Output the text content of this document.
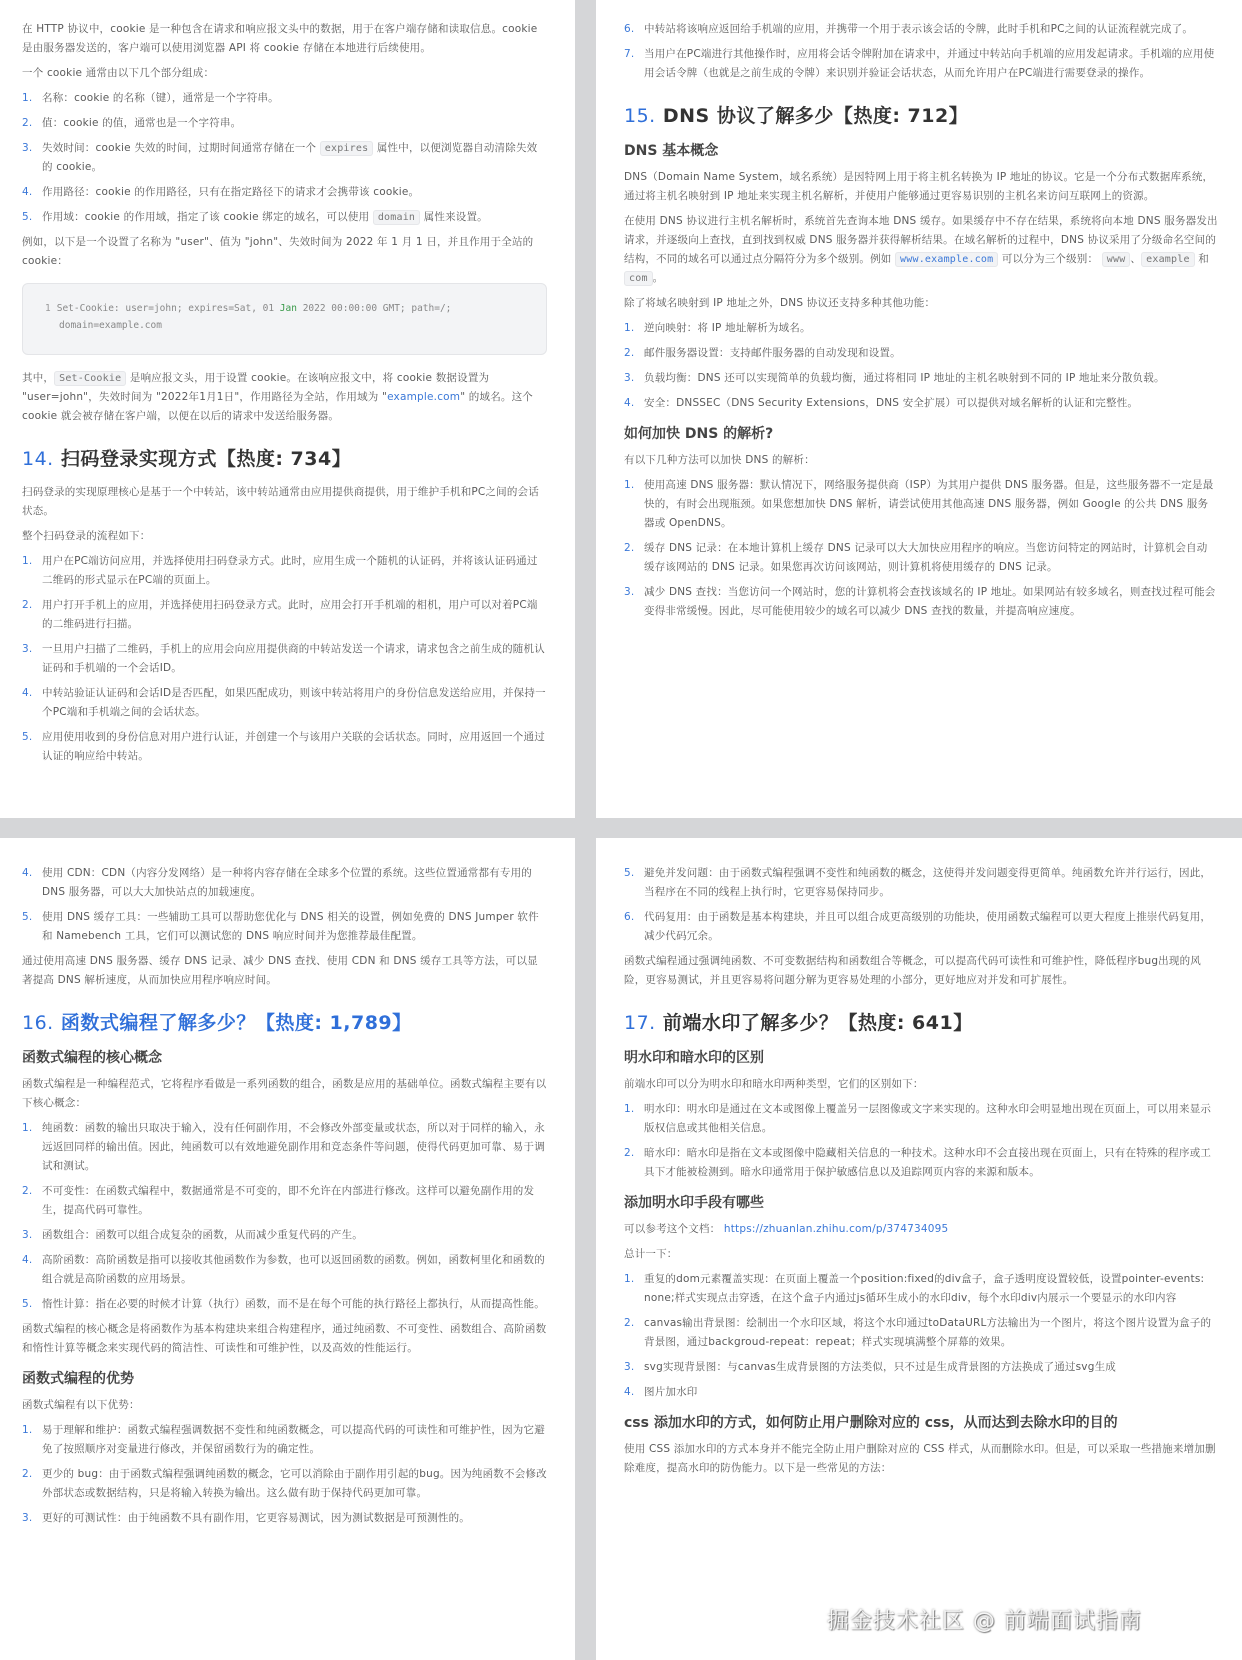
在 HTTP 协议中，cookie 是一种包含在请求和响应报文头中的数据，用于在客户端存储和读取信息。cookie 是由服务器发送的，客户端可以使用浏览器 API 将 cookie 存储在本地进行后续使用。

一个 cookie 通常由以下几个部分组成：

1. 名称：cookie 的名称（键），通常是一个字符串。
2. 值：cookie 的值，通常也是一个字符串。
3. 失效时间：cookie 失效的时间，过期时间通常存储在一个 expires 属性中，以便浏览器自动清除失效的 cookie。
4. 作用路径：cookie 的作用路径，只有在指定路径下的请求才会携带该 cookie。
5. 作用域：cookie 的作用域，指定了该 cookie 绑定的域名，可以使用 domain 属性来设置。

例如，以下是一个设置了名称为 "user"、值为 "john"、失效时间为 2022 年 1 月 1 日，并且作用于全站的 cookie：

1 Set-Cookie: user=john; expires=Sat, 01 Jan 2022 00:00:00 GMT; path=/;
domain=example.com

其中， Set-Cookie 是响应报文头，用于设置 cookie。在该响应报文中，将 cookie 数据设置为 "user=john"，失效时间为 "2022年1月1日"，作用路径为全站，作用域为 "example.com" 的域名。这个 cookie 就会被存储在客户端，以便在以后的请求中发送给服务器。

14. 扫码登录实现方式【热度: 734】

扫码登录的实现原理核心是基于一个中转站，该中转站通常由应用提供商提供，用于维护手机和PC之间的会话状态。

整个扫码登录的流程如下：

1. 用户在PC端访问应用，并选择使用扫码登录方式。此时，应用生成一个随机的认证码，并将该认证码通过二维码的形式显示在PC端的页面上。
2. 用户打开手机上的应用，并选择使用扫码登录方式。此时，应用会打开手机端的相机，用户可以对着PC端的二维码进行扫描。
3. 一旦用户扫描了二维码，手机上的应用会向应用提供商的中转站发送一个请求，请求包含之前生成的随机认证码和手机端的一个会话ID。
4. 中转站验证认证码和会话ID是否匹配，如果匹配成功，则该中转站将用户的身份信息发送给应用，并保持一个PC端和手机端之间的会话状态。
5. 应用使用收到的身份信息对用户进行认证，并创建一个与该用户关联的会话状态。同时，应用返回一个通过认证的响应给中转站。
6. 中转站将该响应返回给手机端的应用，并携带一个用于表示该会话的令牌，此时手机和PC之间的认证流程就完成了。
7. 当用户在PC端进行其他操作时，应用将会话令牌附加在请求中，并通过中转站向手机端的应用发起请求。手机端的应用使用会话令牌（也就是之前生成的令牌）来识别并验证会话状态，从而允许用户在PC端进行需要登录的操作。
15. DNS 协议了解多少【热度: 712】
DNS 基本概念

DNS（Domain Name System，域名系统）是因特网上用于将主机名转换为 IP 地址的协议。它是一个分布式数据库系统，通过将主机名映射到 IP 地址来实现主机名解析，并使用户能够通过更容易识别的主机名来访问互联网上的资源。

在使用 DNS 协议进行主机名解析时，系统首先查询本地 DNS 缓存。如果缓存中不存在结果，系统将向本地 DNS 服务器发出请求，并逐级向上查找，直到找到权威 DNS 服务器并获得解析结果。在域名解析的过程中，DNS 协议采用了分级命名空间的结构，不同的域名可以通过点分隔符分为多个级别。例如 www.example.com 可以分为三个级别： www 、 example 和 com 。

除了将域名映射到 IP 地址之外，DNS 协议还支持多种其他功能：

1. 逆向映射：将 IP 地址解析为域名。
2. 邮件服务器设置：支持邮件服务器的自动发现和设置。
3. 负载均衡：DNS 还可以实现简单的负载均衡，通过将相同 IP 地址的主机名映射到不同的 IP 地址来分散负载。
4. 安全：DNSSEC（DNS Security Extensions，DNS 安全扩展）可以提供对域名解析的认证和完整性。
如何加快 DNS 的解析?

有以下几种方法可以加快 DNS 的解析：

1. 使用高速 DNS 服务器：默认情况下，网络服务提供商（ISP）为其用户提供 DNS 服务器。但是，这些服务器不一定是最快的，有时会出现瓶颈。如果您想加快 DNS 解析，请尝试使用其他高速 DNS 服务器，例如 Google 的公共 DNS 服务器或 OpenDNS。
2. 缓存 DNS 记录：在本地计算机上缓存 DNS 记录可以大大加快应用程序的响应。当您访问特定的网站时，计算机会自动缓存该网站的 DNS 记录。如果您再次访问该网站，则计算机将使用缓存的 DNS 记录。
3. 减少 DNS 查找：当您访问一个网站时，您的计算机将会查找该域名的 IP 地址。如果网站有较多域名，则查找过程可能会变得非常缓慢。因此，尽可能使用较少的域名可以减少 DNS 查找的数量，并提高响应速度。
4. 使用 CDN：CDN（内容分发网络）是一种将内容存储在全球多个位置的系统。这些位置通常都有专用的 DNS 服务器，可以大大加快站点的加载速度。
5. 使用 DNS 缓存工具：一些辅助工具可以帮助您优化与 DNS 相关的设置，例如免费的 DNS Jumper 软件和 Namebench 工具，它们可以测试您的 DNS 响应时间并为您推荐最佳配置。

通过使用高速 DNS 服务器、缓存 DNS 记录、减少 DNS 查找、使用 CDN 和 DNS 缓存工具等方法，可以显著提高 DNS 解析速度，从而加快应用程序响应时间。

16. 函数式编程了解多少？【热度: 1,789】
函数式编程的核心概念

函数式编程是一种编程范式，它将程序看做是一系列函数的组合，函数是应用的基础单位。函数式编程主要有以下核心概念：

1. 纯函数：函数的输出只取决于输入，没有任何副作用，不会修改外部变量或状态，所以对于同样的输入，永远返回同样的输出值。因此，纯函数可以有效地避免副作用和竞态条件等问题，使得代码更加可靠、易于调试和测试。
2. 不可变性：在函数式编程中，数据通常是不可变的，即不允许在内部进行修改。这样可以避免副作用的发生，提高代码可靠性。
3. 函数组合：函数可以组合成复杂的函数，从而减少重复代码的产生。
4. 高阶函数：高阶函数是指可以接收其他函数作为参数，也可以返回函数的函数。例如，函数柯里化和函数的组合就是高阶函数的应用场景。
5. 惰性计算：指在必要的时候才计算（执行）函数，而不是在每个可能的执行路径上都执行，从而提高性能。

函数式编程的核心概念是将函数作为基本构建块来组合构建程序，通过纯函数、不可变性、函数组合、高阶函数和惰性计算等概念来实现代码的简洁性、可读性和可维护性，以及高效的性能运行。

函数式编程的优势

函数式编程有以下优势：

1. 易于理解和维护：函数式编程强调数据不变性和纯函数概念，可以提高代码的可读性和可维护性，因为它避免了按照顺序对变量进行修改，并保留函数行为的确定性。
2. 更少的 bug：由于函数式编程强调纯函数的概念，它可以消除由于副作用引起的bug。因为纯函数不会修改外部状态或数据结构，只是将输入转换为输出。这么做有助于保持代码更加可靠。
3. 更好的可测试性：由于纯函数不具有副作用，它更容易测试，因为测试数据是可预测性的。
5. 避免并发问题：由于函数式编程强调不变性和纯函数的概念，这使得并发问题变得更简单。纯函数允许并行运行，因此，当程序在不同的线程上执行时，它更容易保持同步。
6. 代码复用：由于函数是基本构建块，并且可以组合成更高级别的功能块，使用函数式编程可以更大程度上推崇代码复用，减少代码冗余。

函数式编程通过强调纯函数、不可变数据结构和函数组合等概念，可以提高代码可读性和可维护性，降低程序bug出现的风险，更容易测试，并且更容易将问题分解为更容易处理的小部分，更好地应对并发和可扩展性。

17. 前端水印了解多少？【热度: 641】
明水印和暗水印的区别

前端水印可以分为明水印和暗水印两种类型，它们的区别如下：

1. 明水印：明水印是通过在文本或图像上覆盖另一层图像或文字来实现的。这种水印会明显地出现在页面上，可以用来显示版权信息或其他相关信息。
2. 暗水印：暗水印是指在文本或图像中隐藏相关信息的一种技术。这种水印不会直接出现在页面上，只有在特殊的程序或工具下才能被检测到。暗水印通常用于保护敏感信息以及追踪网页内容的来源和版本。
添加明水印手段有哪些

可以参考这个文档： https://zhuanlan.zhihu.com/p/374734095

总计一下：

1. 重复的dom元素覆盖实现：在页面上覆盖一个position:fixed的div盒子，盒子透明度设置较低，设置pointer-events: none;样式实现点击穿透，在这个盒子内通过js循环生成小的水印div，每个水印div内展示一个要显示的水印内容
2. canvas输出背景图：绘制出一个水印区域，将这个水印通过toDataURL方法输出为一个图片，将这个图片设置为盒子的背景图，通过backgroud-repeat：repeat；样式实现填满整个屏幕的效果。
3. svg实现背景图：与canvas生成背景图的方法类似，只不过是生成背景图的方法换成了通过svg生成
4. 图片加水印
css 添加水印的方式，如何防止用户删除对应的 css，从而达到去除水印的目的

使用 CSS 添加水印的方式本身并不能完全防止用户删除对应的 CSS 样式，从而删除水印。但是，可以采取一些措施来增加删除难度，提高水印的防伪能力。以下是一些常见的方法：

掘金技术社区 @ 前端面试指南
